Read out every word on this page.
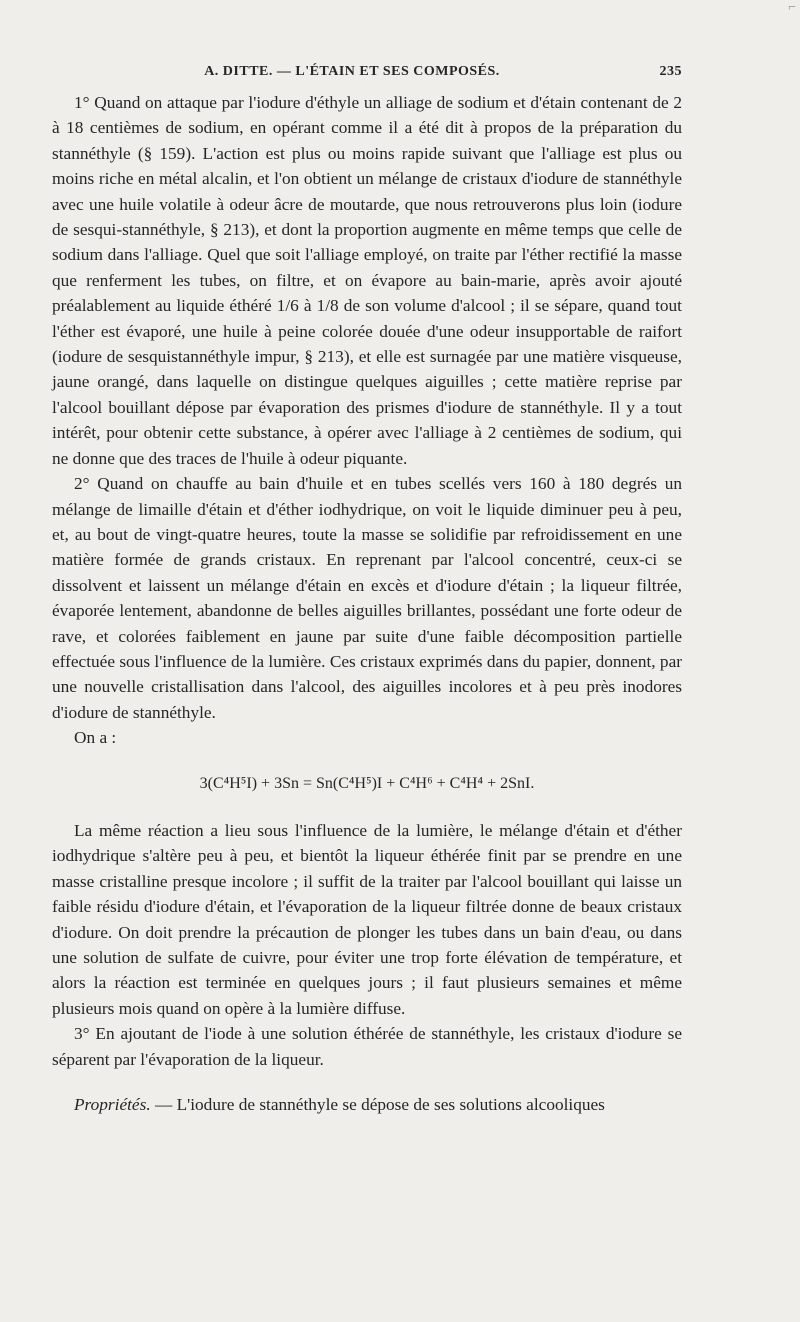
⌐
A. DITTE. — L'ÉTAIN ET SES COMPOSÉS.	235

1° Quand on attaque par l'iodure d'éthyle un alliage de sodium et d'étain contenant de 2 à 18 centièmes de sodium, en opérant comme il a été dit à propos de la préparation du stannéthyle (§ 159). L'action est plus ou moins rapide suivant que l'alliage est plus ou moins riche en métal alcalin, et l'on obtient un mélange de cristaux d'iodure de stannéthyle avec une huile volatile à odeur âcre de moutarde, que nous retrouverons plus loin (iodure de sesqui-stannéthyle, § 213), et dont la proportion augmente en même temps que celle de sodium dans l'alliage. Quel que soit l'alliage employé, on traite par l'éther rectifié la masse que renferment les tubes, on filtre, et on évapore au bain-marie, après avoir ajouté préalablement au liquide éthéré 1/6 à 1/8 de son volume d'alcool ; il se sépare, quand tout l'éther est évaporé, une huile à peine colorée douée d'une odeur insupportable de raifort (iodure de sesquistannéthyle impur, § 213), et elle est surnagée par une matière visqueuse, jaune orangé, dans laquelle on distingue quelques aiguilles ; cette matière reprise par l'alcool bouillant dépose par évaporation des prismes d'iodure de stannéthyle. Il y a tout intérêt, pour obtenir cette substance, à opérer avec l'alliage à 2 centièmes de sodium, qui ne donne que des traces de l'huile à odeur piquante.

2° Quand on chauffe au bain d'huile et en tubes scellés vers 160 à 180 degrés un mélange de limaille d'étain et d'éther iodhydrique, on voit le liquide diminuer peu à peu, et, au bout de vingt-quatre heures, toute la masse se solidifie par refroidissement en une matière formée de grands cristaux. En reprenant par l'alcool concentré, ceux-ci se dissolvent et laissent un mélange d'étain en excès et d'iodure d'étain ; la liqueur filtrée, évaporée lentement, abandonne de belles aiguilles brillantes, possédant une forte odeur de rave, et colorées faiblement en jaune par suite d'une faible décomposition partielle effectuée sous l'influence de la lumière. Ces cristaux exprimés dans du papier, donnent, par une nouvelle cristallisation dans l'alcool, des aiguilles incolores et à peu près inodores d'iodure de stannéthyle.

On a :

3(C⁴H⁵I) + 3Sn = Sn(C⁴H⁵)I + C⁴H⁶ + C⁴H⁴ + 2SnI.

La même réaction a lieu sous l'influence de la lumière, le mélange d'étain et d'éther iodhydrique s'altère peu à peu, et bientôt la liqueur éthérée finit par se prendre en une masse cristalline presque incolore ; il suffit de la traiter par l'alcool bouillant qui laisse un faible résidu d'iodure d'étain, et l'évaporation de la liqueur filtrée donne de beaux cristaux d'iodure. On doit prendre la précaution de plonger les tubes dans un bain d'eau, ou dans une solution de sulfate de cuivre, pour éviter une trop forte élévation de température, et alors la réaction est terminée en quelques jours ; il faut plusieurs semaines et même plusieurs mois quand on opère à la lumière diffuse.

3° En ajoutant de l'iode à une solution éthérée de stannéthyle, les cristaux d'iodure se séparent par l'évaporation de la liqueur.

Propriétés. — L'iodure de stannéthyle se dépose de ses solutions alcooliques
